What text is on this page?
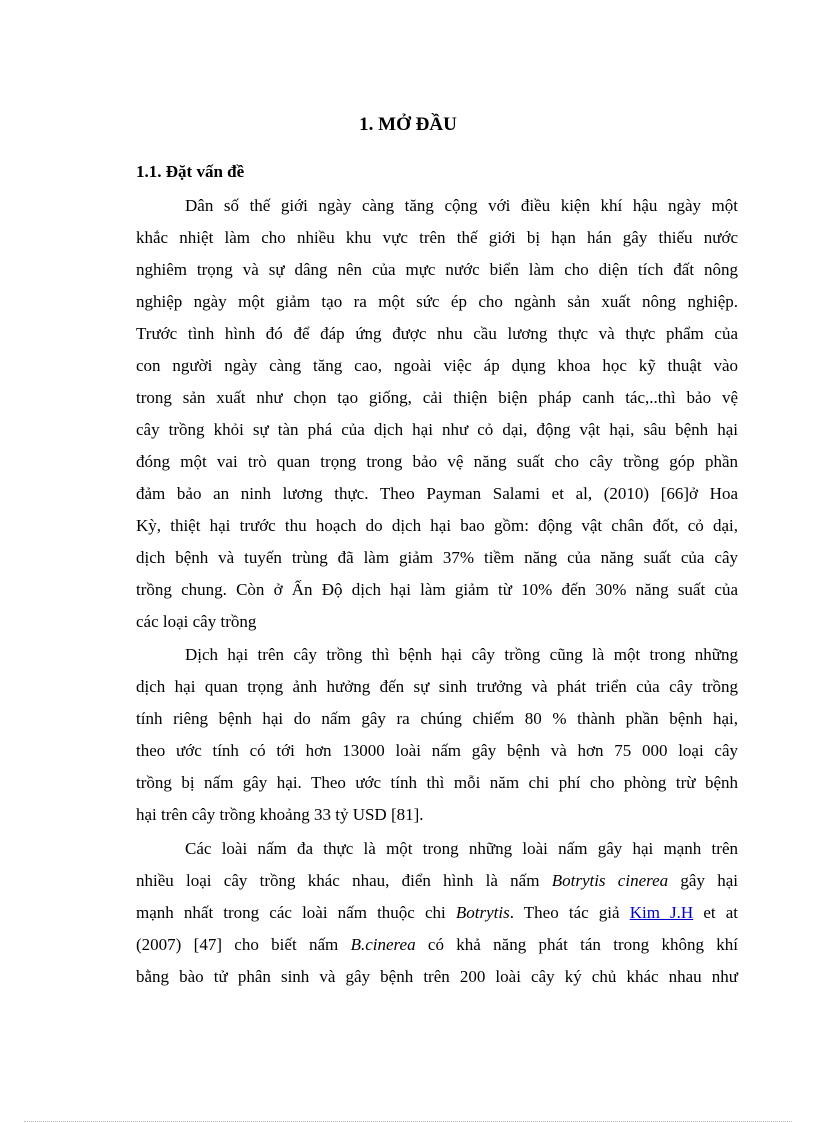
1. MỞ ĐẦU
1.1. Đặt vấn đề
Dân số thế giới ngày càng tăng cộng với điều kiện khí hậu ngày một
khắc nhiệt làm cho nhiều khu vực trên thế giới bị hạn hán gây thiếu nước
nghiêm trọng và sự dâng nên của mực nước biển làm cho diện tích đất nông
nghiệp ngày một giảm tạo ra một sức ép cho ngành sản xuất nông nghiệp.
Trước tình hình đó để đáp ứng được nhu cầu lương thực và thực phẩm của
con người ngày càng tăng cao, ngoài việc áp dụng khoa học kỹ thuật vào
trong sản xuất như chọn tạo giống, cải thiện biện pháp canh tác,..thì bảo vệ
cây trồng khỏi sự tàn phá của dịch hại như cỏ dại, động vật hại, sâu bệnh hại
đóng một vai trò quan trọng trong bảo vệ năng suất cho cây trồng góp phần
đảm bảo an ninh lương thực. Theo Payman Salami et al, (2010) [66]ở Hoa
Kỳ, thiệt hại trước thu hoạch do dịch hại bao gồm: động vật chân đốt, cỏ dại,
dịch bệnh và tuyến trùng đã làm giảm 37% tiềm năng của năng suất của cây
trồng chung. Còn ở Ấn Độ dịch hại làm giảm từ 10% đến 30% năng suất của
các loại cây trồng
Dịch hại trên cây trồng thì bệnh hại cây trồng cũng là một trong những
dịch hại quan trọng ảnh hưởng đến sự sinh trưởng và phát triển của cây trồng
tính riêng bệnh hại do nấm gây ra chúng chiếm 80 % thành phần bệnh hại,
theo ước tính có tới hơn 13000 loài nấm gây bệnh và hơn 75 000 loại cây
trồng bị nấm gây hại. Theo ước tính thì mỗi năm chi phí cho phòng trừ bệnh
hại trên cây trồng khoảng 33 tỷ USD [81].
Các loài nấm đa thực là một trong những loài nấm gây hại mạnh trên
nhiều loại cây trồng khác nhau, điển hình là nấm Botrytis cinerea gây hại
mạnh nhất trong các loài nấm thuộc chi Botrytis. Theo tác giả Kim J.H et at
(2007) [47] cho biết nấm B.cinerea có khả năng phát tán trong không khí
bằng bào tử phân sinh và gây bệnh trên 200 loài cây ký chủ khác nhau như
